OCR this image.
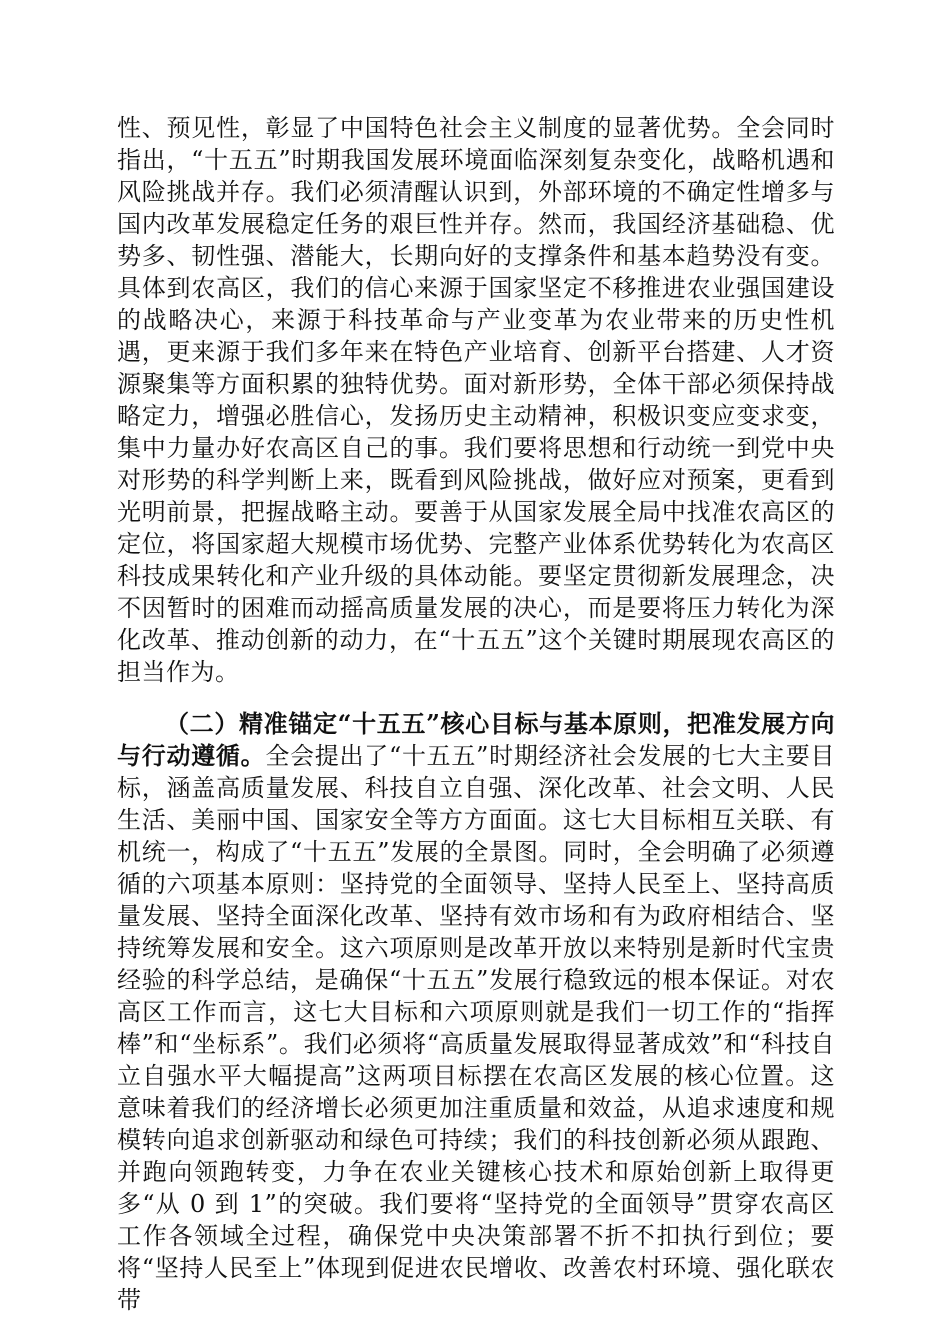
性、预见性，彰显了中国特色社会主义制度的显著优势。全会同时指出，“十五五”时期我国发展环境面临深刻复杂变化，战略机遇和风险挑战并存。我们必须清醒认识到，外部环境的不确定性增多与国内改革发展稳定任务的艰巨性并存。然而，我国经济基础稳、优势多、韧性强、潜能大，长期向好的支撑条件和基本趋势没有变。具体到农高区，我们的信心来源于国家坚定不移推进农业强国建设的战略决心，来源于科技革命与产业变革为农业带来的历史性机遇，更来源于我们多年来在特色产业培育、创新平台搭建、人才资源聚集等方面积累的独特优势。面对新形势，全体干部必须保持战略定力，增强必胜信心，发扬历史主动精神，积极识变应变求变，集中力量办好农高区自己的事。我们要将思想和行动统一到党中央对形势的科学判断上来，既看到风险挑战，做好应对预案，更看到光明前景，把握战略主动。要善于从国家发展全局中找准农高区的定位，将国家超大规模市场优势、完整产业体系优势转化为农高区科技成果转化和产业升级的具体动能。要坚定贯彻新发展理念，决不因暂时的困难而动摇高质量发展的决心，而是要将压力转化为深化改革、推动创新的动力，在“十五五”这个关键时期展现农高区的担当作为。

（二）精准锚定“十五五”核心目标与基本原则，把准发展方向与行动遵循。全会提出了“十五五”时期经济社会发展的七大主要目标，涵盖高质量发展、科技自立自强、深化改革、社会文明、人民生活、美丽中国、国家安全等方方面面。这七大目标相互关联、有机统一，构成了“十五五”发展的全景图。同时，全会明确了必须遵循的六项基本原则：坚持党的全面领导、坚持人民至上、坚持高质量发展、坚持全面深化改革、坚持有效市场和有为政府相结合、坚持统筹发展和安全。这六项原则是改革开放以来特别是新时代宝贵经验的科学总结，是确保“十五五”发展行稳致远的根本保证。对农高区工作而言，这七大目标和六项原则就是我们一切工作的“指挥棒”和“坐标系”。我们必须将“高质量发展取得显著成效”和“科技自立自强水平大幅提高”这两项目标摆在农高区发展的核心位置。这意味着我们的经济增长必须更加注重质量和效益，从追求速度和规模转向追求创新驱动和绿色可持续；我们的科技创新必须从跟跑、并跑向领跑转变，力争在农业关键核心技术和原始创新上取得更多“从 0 到 1”的突破。我们要将“坚持党的全面领导”贯穿农高区工作各领域全过程，确保党中央决策部署不折不扣执行到位；要将“坚持人民至上”体现到促进农民增收、改善农村环境、强化联农带
